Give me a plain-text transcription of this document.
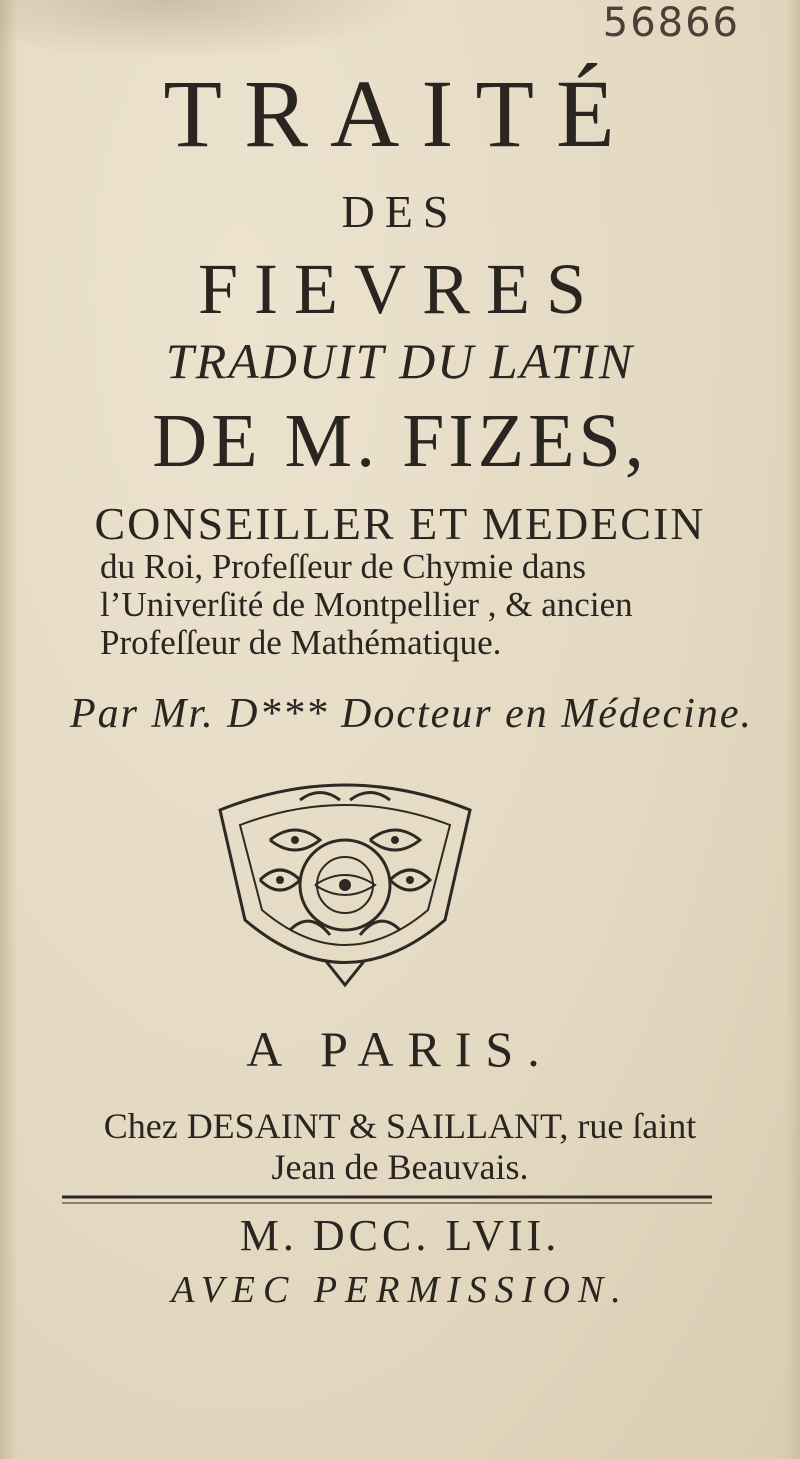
56866
TRAITÉ
DES
FIEVRES
TRADUIT DU LATIN
DE M. FIZES,
CONSEILLER ET MEDECIN
du Roi, Profeſſeur de Chymie dans
l’Univerſité de Montpellier , & ancien
Profeſſeur de Mathématique.
Par Mr. D*** Docteur en Médecine.
A PARIS.
Chez DESAINT & SAILLANT, rue ſaint
Jean de Beauvais.
M. DCC. LVII.
AVEC PERMISSION.
